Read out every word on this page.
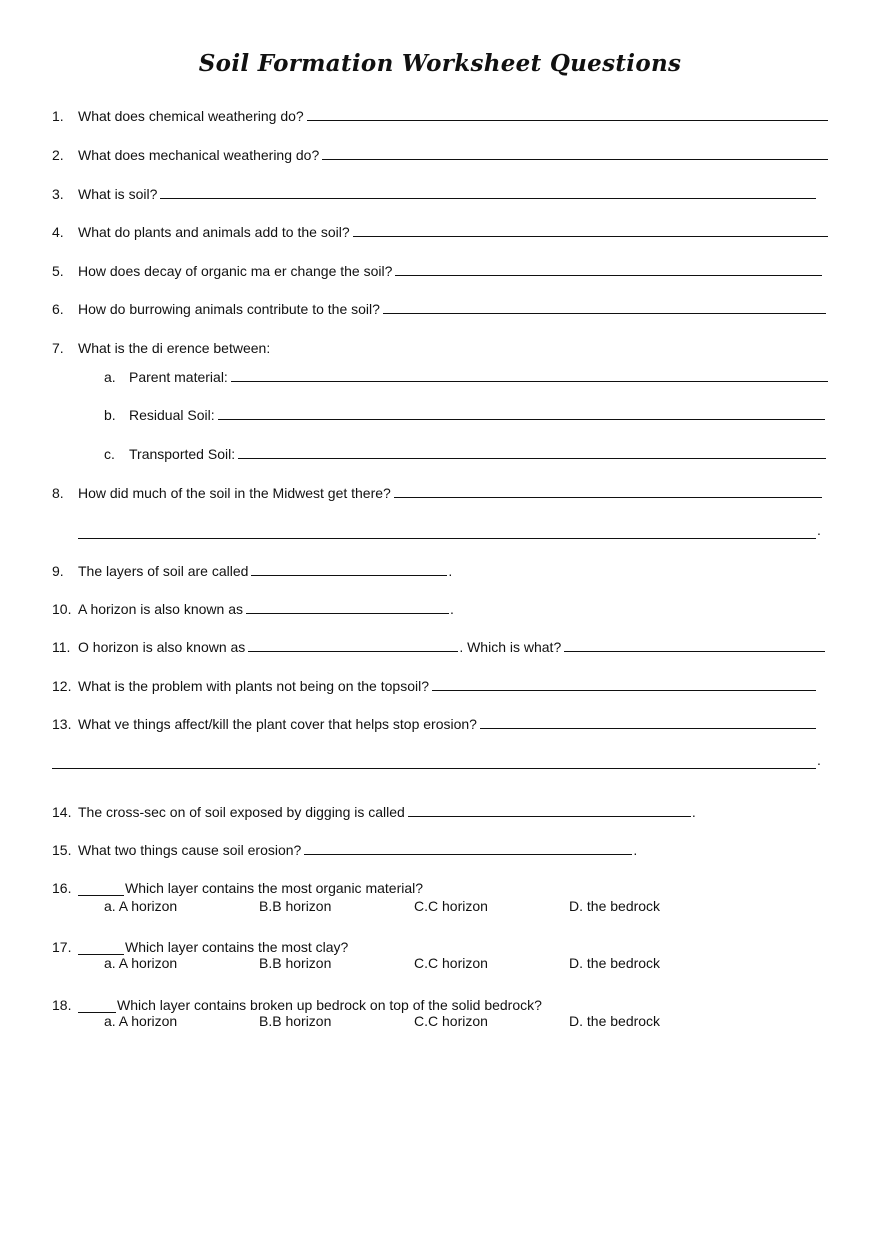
Soil Formation Worksheet Questions
1.	What does chemical weathering do?
2.	What does mechanical weathering do?
3.	What is soil?
4.	What do plants and animals add to the soil?
5.	How does decay of organic ma er change the soil?
6.	How do burrowing animals contribute to the soil?
7.	What is the di erence between:
a. Parent material:
b. Residual Soil:
c.	Transported Soil:
8.	How did much of the soil in the Midwest get there?
.
9.	The layers of soil are called	.
10. A horizon is also known as	.
11. O horizon is also known as	. Which is what?
12. What is the problem with plants not being on the topsoil?
13. What ve things affect/kill the plant cover that helps stop erosion?
.
14. The cross-sec on of soil exposed by digging is called	.
15. What two things cause soil erosion?	.
16.	Which layer contains the most organic material?
a. A horizon	B.B horizon	C.C horizon	D. the bedrock
17.	Which layer contains the most clay?
a. A horizon	B.B horizon	C.C horizon	D. the bedrock
18.	Which layer contains broken up bedrock on top of the solid bedrock?
a. A horizon	B.B horizon	C.C horizon	D. the bedrock
